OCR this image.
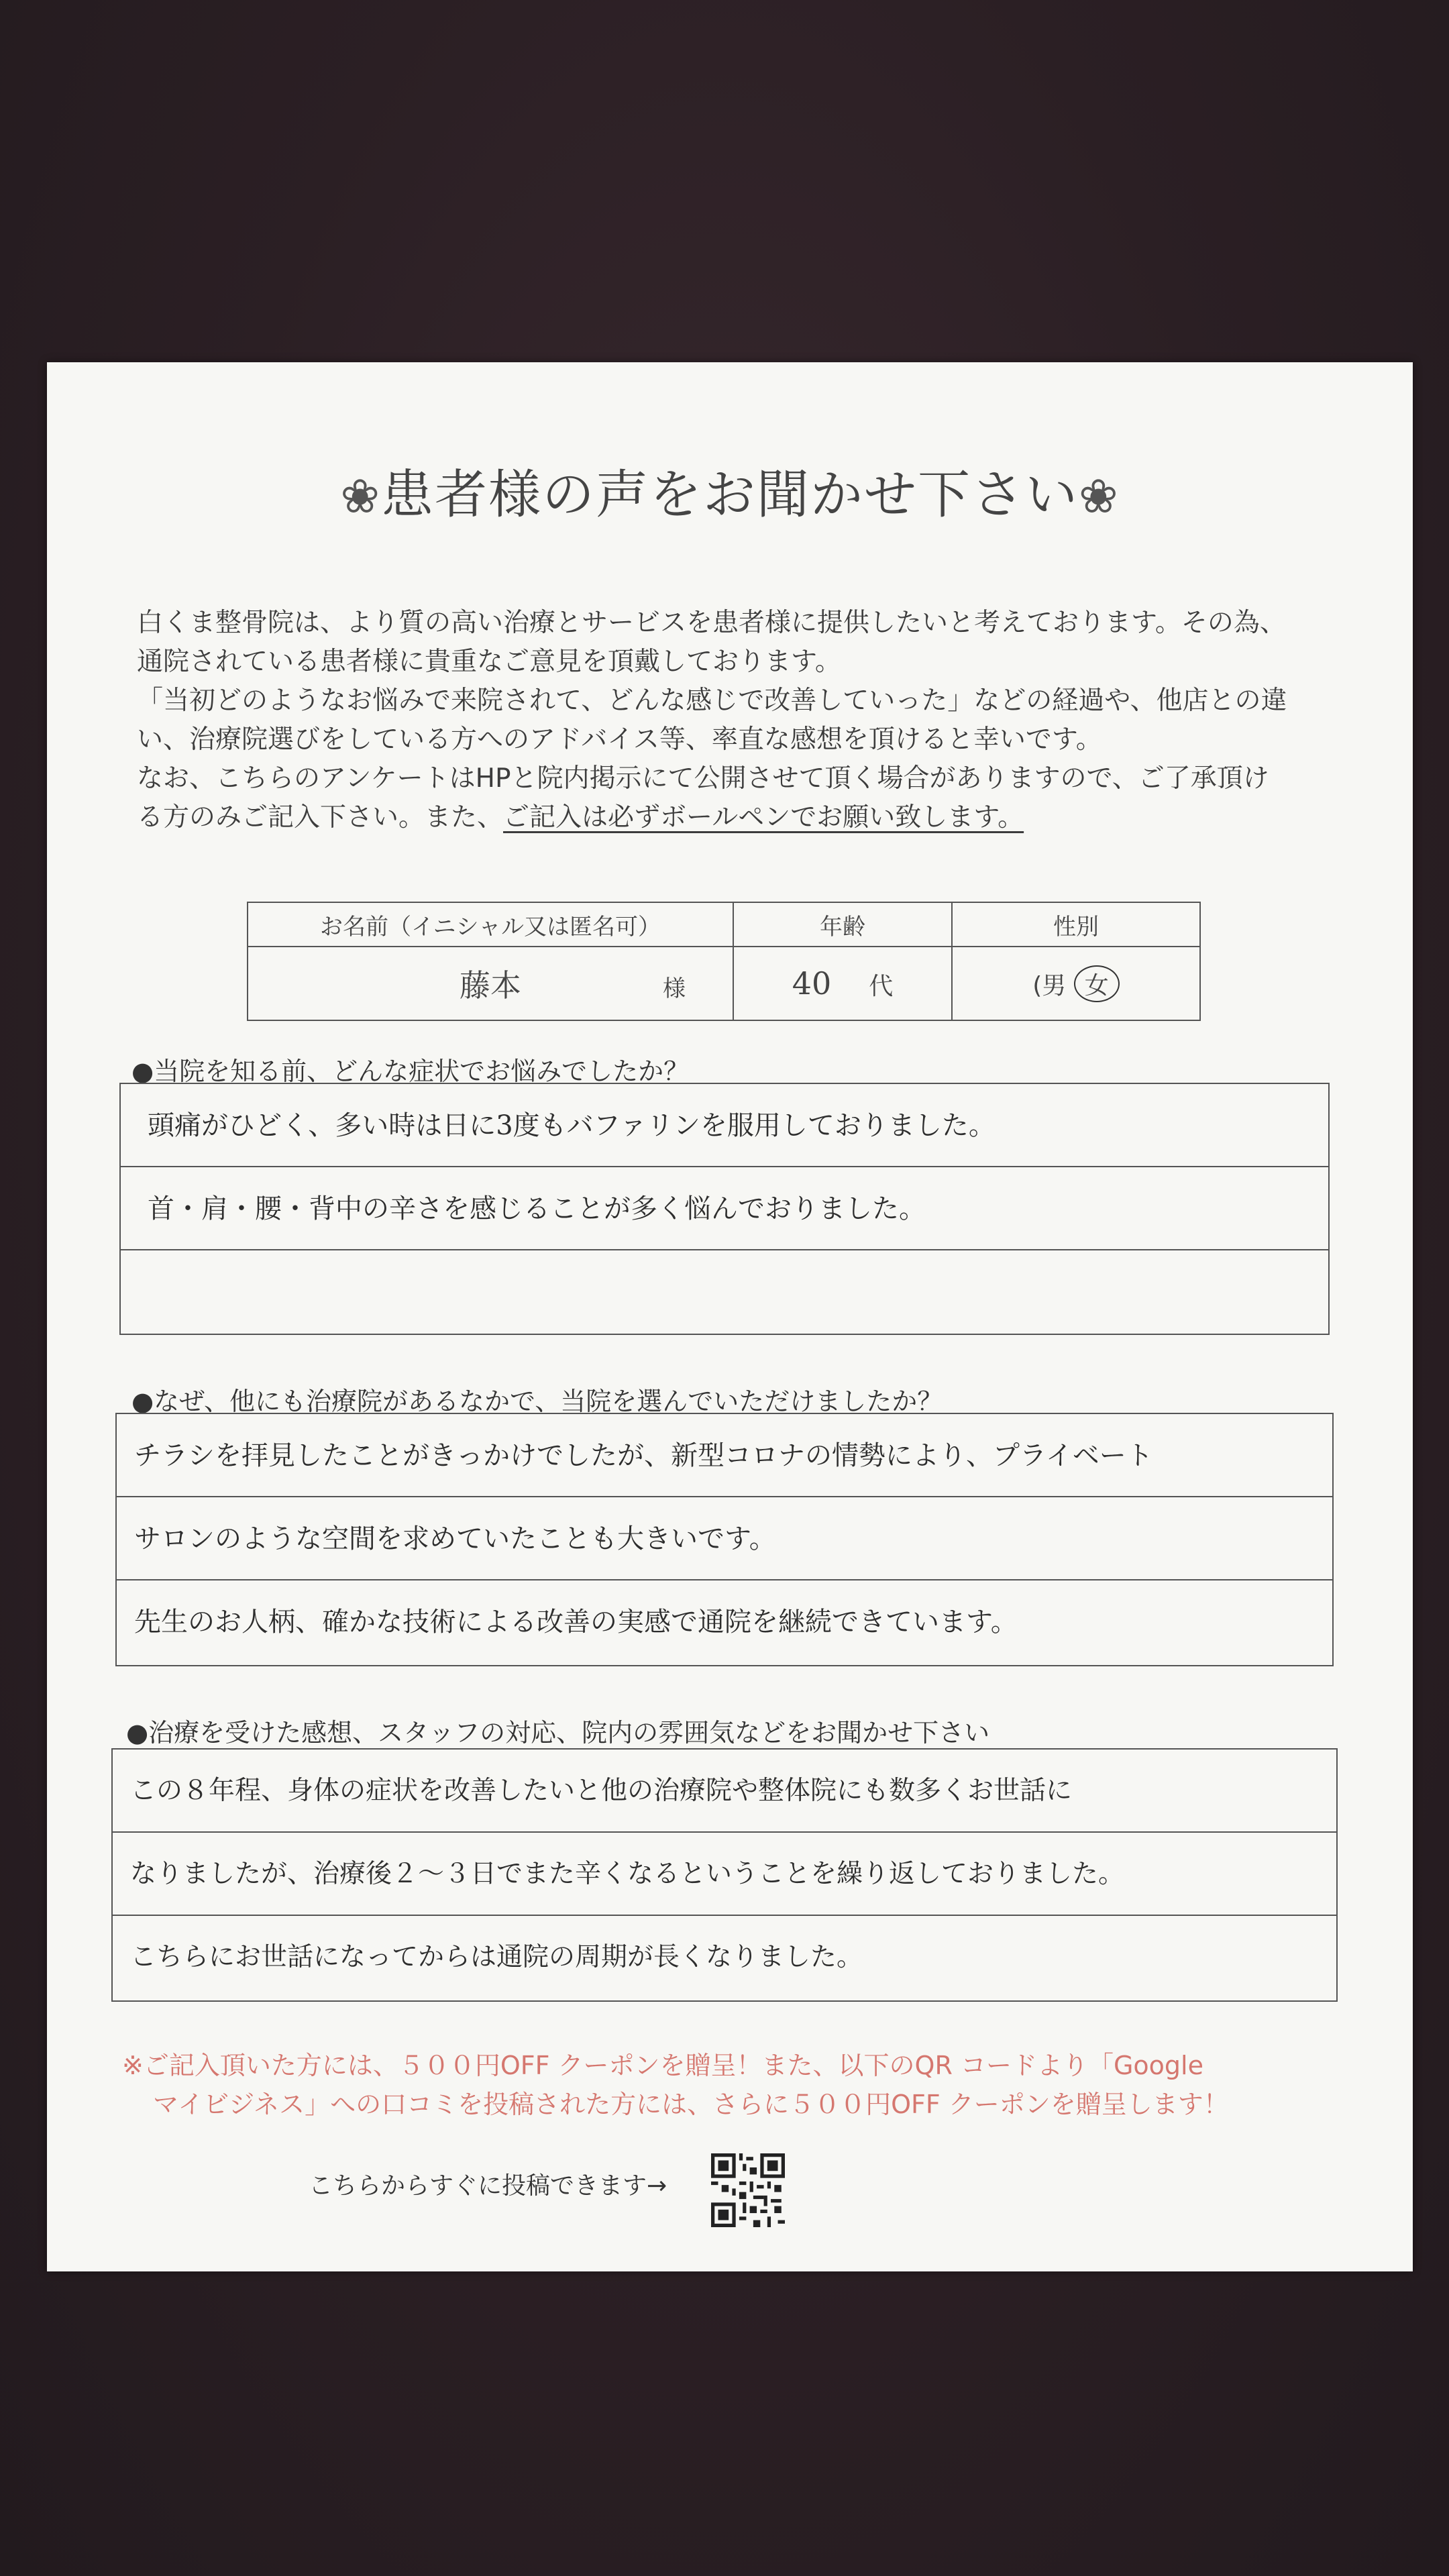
❀患者様の声をお聞かせ下さい❀

白くま整骨院は、より質の高い治療とサービスを患者様に提供したいと考えております。その為、

通院されている患者様に貴重なご意見を頂戴しております。

「当初どのようなお悩みで来院されて、どんな感じで改善していった」などの経過や、他店との違

い、治療院選びをしている方へのアドバイス等、率直な感想を頂けると幸いです。

なお、こちらのアンケートはHPと院内掲示にて公開させて頂く場合がありますので、ご了承頂け

る方のみご記入下さい。また、ご記入は必ずボールペンでお願い致します。

お名前（イニシャル又は匿名可）	年齢	性別
藤本 様	40 代	(男 女
●当院を知る前、どんな症状でお悩みでしたか？
頭痛がひどく、多い時は日に3度もバファリンを服用しておりました。
首・肩・腰・背中の辛さを感じることが多く悩んでおりました。
●なぜ、他にも治療院があるなかで、当院を選んでいただけましたか？
チラシを拝見したことがきっかけでしたが、新型コロナの情勢により、プライベート
サロンのような空間を求めていたことも大きいです。
先生のお人柄、確かな技術による改善の実感で通院を継続できています。
●治療を受けた感想、スタッフの対応、院内の雰囲気などをお聞かせ下さい
この８年程、身体の症状を改善したいと他の治療院や整体院にも数多くお世話に
なりましたが、治療後２～３日でまた辛くなるということを繰り返しておりました。
こちらにお世話になってからは通院の周期が長くなりました。

※ご記入頂いた方には、５００円OFF クーポンを贈呈！また、以下のQR コードより「Google

マイビジネス」への口コミを投稿された方には、さらに５００円OFF クーポンを贈呈します！

こちらからすぐに投稿できます→
